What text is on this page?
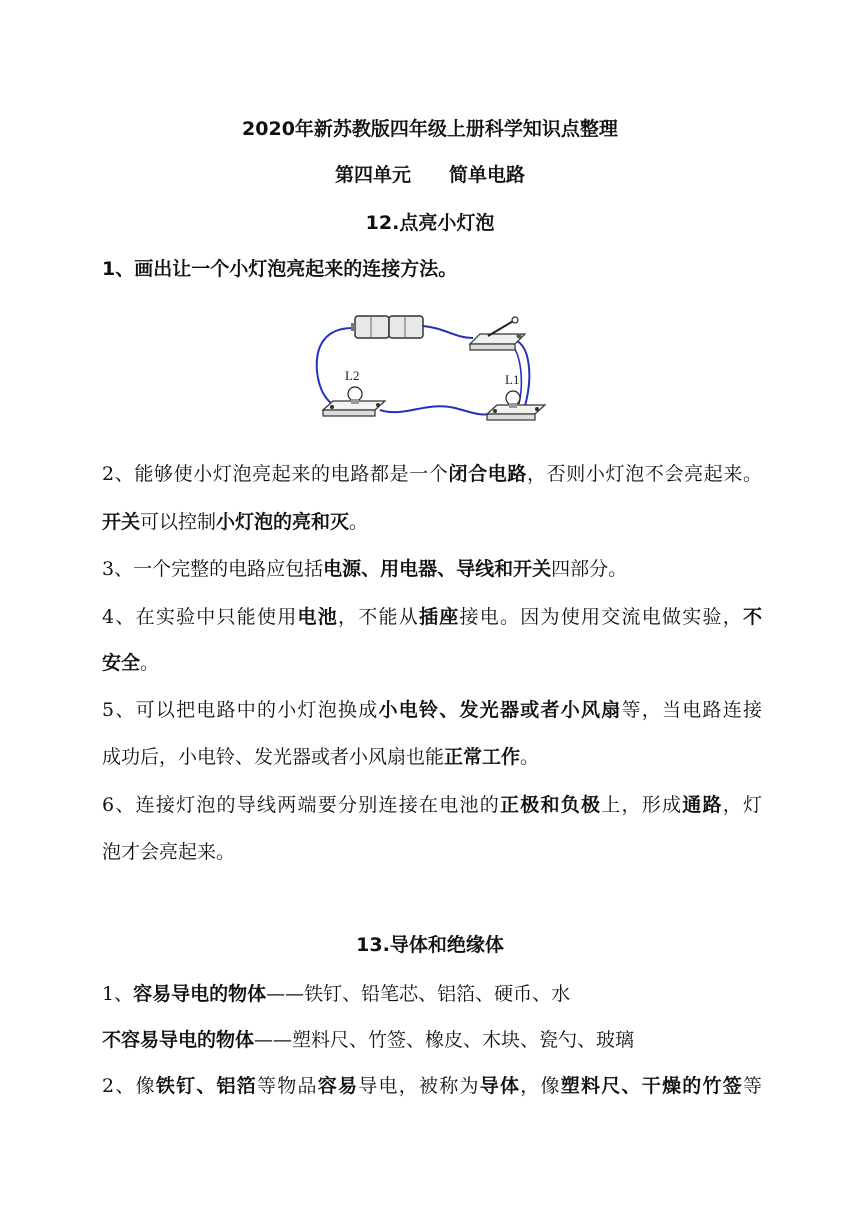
2020年新苏教版四年级上册科学知识点整理
第四单元　　简单电路
12.点亮小灯泡
1、画出让一个小灯泡亮起来的连接方法。
L2	L1
2、能够使小灯泡亮起来的电路都是一个闭合电路，否则小灯泡不会亮起来。
开关可以控制小灯泡的亮和灭。
3、一个完整的电路应包括电源、用电器、导线和开关四部分。
4、在实验中只能使用电池，不能从插座接电。因为使用交流电做实验，不
安全。
5、可以把电路中的小灯泡换成小电铃、发光器或者小风扇等，当电路连接
成功后，小电铃、发光器或者小风扇也能正常工作。
6、连接灯泡的导线两端要分别连接在电池的正极和负极上，形成通路，灯
泡才会亮起来。
13.导体和绝缘体
1、容易导电的物体——铁钉、铅笔芯、铝箔、硬币、水
不容易导电的物体——塑料尺、竹签、橡皮、木块、瓷勺、玻璃
2、像铁钉、铝箔等物品容易导电，被称为导体，像塑料尺、干燥的竹签等
